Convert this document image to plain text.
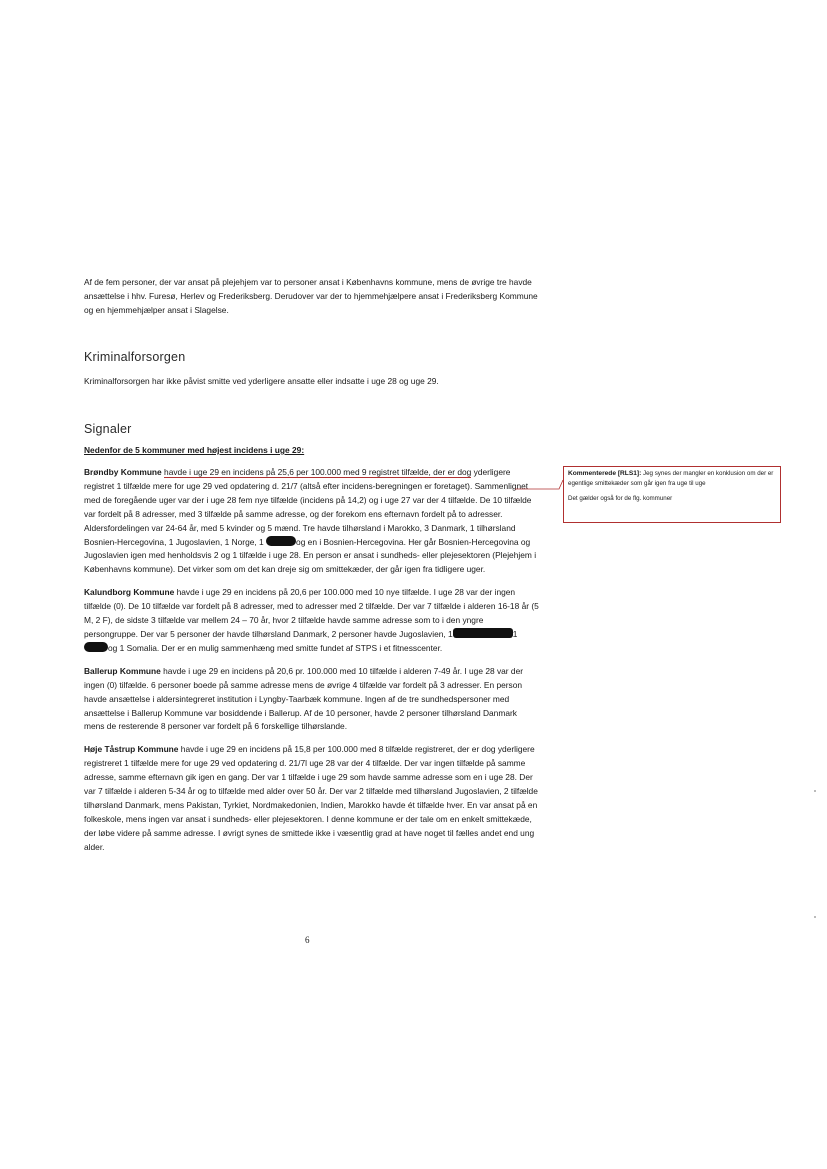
Af de fem personer, der var ansat på plejehjem var to personer ansat i Københavns kommune, mens de øvrige tre havde ansættelse i hhv. Furesø, Herlev og Frederiksberg. Derudover var der to hjemmehjælpere ansat i Frederiksberg Kommune og en hjemmehjælper ansat i Slagelse.

Kriminalforsorgen

Kriminalforsorgen har ikke påvist smitte ved yderligere ansatte eller indsatte i uge 28 og uge 29.

Signaler

Nedenfor de 5 kommuner med højest incidens i uge 29:

Brøndby Kommune havde i uge 29 en incidens på 25,6 per 100.000 med 9 registret tilfælde, der er dog yderligere registret 1 tilfælde mere for uge 29 ved opdatering d. 21/7 (altså efter incidens-beregningen er foretaget). Sammenlignet med de foregående uger var der i uge 28 fem nye tilfælde (incidens på 14,2) og i uge 27 var der 4 tilfælde. De 10 tilfælde var fordelt på 8 adresser, med 3 tilfælde på samme adresse, og der forekom ens efternavn fordelt på to adresser. Aldersfordelingen var 24-64 år, med 5 kvinder og 5 mænd. Tre havde tilhørsland i Marokko, 3 Danmark, 1 tilhørsland Bosnien-Hercegovina, 1 Jugoslavien, 1 Norge, 1	og en i Bosnien-Hercegovina. Her går Bosnien-Hercegovina og Jugoslavien igen med henholdsvis 2 og 1 tilfælde i uge 28. En person er ansat i sundheds- eller plejesektoren (Plejehjem i Københavns kommune). Det virker som om det kan dreje sig om smittekæder, der går igen fra tidligere uger.

Kalundborg Kommune havde i uge 29 en incidens på 20,6 per 100.000 med 10 nye tilfælde. I uge 28 var der ingen tilfælde (0). De 10 tilfælde var fordelt på 8 adresser, med to adresser med 2 tilfælde. Der var 7 tilfælde i alderen 16-18 år (5 M, 2 F), de sidste 3 tilfælde var mellem 24 – 70 år, hvor 2 tilfælde havde samme adresse som to i den yngre persongruppe. Der var 5 personer der havde tilhørsland Danmark, 2 personer havde Jugoslavien, 1	1 og 1 Somalia. Der er en mulig sammenhæng med smitte fundet af STPS i et fitnesscenter.

Ballerup Kommune havde i uge 29 en incidens på 20,6 pr. 100.000 med 10 tilfælde i alderen 7-49 år. I uge 28 var der ingen (0) tilfælde. 6 personer boede på samme adresse mens de øvrige 4 tilfælde var fordelt på 3 adresser. En person havde ansættelse i aldersintegreret institution i Lyngby-Taarbæk kommune. Ingen af de tre sundhedspersoner med ansættelse i Ballerup Kommune var bosiddende i Ballerup. Af de 10 personer, havde 2 personer tilhørsland Danmark mens de resterende 8 personer var fordelt på 6 forskellige tilhørslande.

Høje Tåstrup Kommune havde i uge 29 en incidens på 15,8 per 100.000 med 8 tilfælde registreret, der er dog yderligere registreret 1 tilfælde mere for uge 29 ved opdatering d. 21/7l uge 28 var der 4 tilfælde. Der var ingen tilfælde på samme adresse, samme efternavn gik igen en gang. Der var 1 tilfælde i uge 29 som havde samme adresse som en i uge 28. Der var 7 tilfælde i alderen 5-34 år og to tilfælde med alder over 50 år. Der var 2 tilfælde med tilhørsland Jugoslavien, 2 tilfælde tilhørsland Danmark, mens Pakistan, Tyrkiet, Nordmakedonien, Indien, Marokko havde ét tilfælde hver. En var ansat på en folkeskole, mens ingen var ansat i sundheds- eller plejesektoren. I denne kommune er der tale om en enkelt smittekæde, der løbe videre på samme adresse. I øvrigt synes de smittede ikke i væsentlig grad at have noget til fælles andet end ung alder.

Kommenterede [RLS1]: Jeg synes der mangler en konklusion om der er egentlige smittekæder som går igen fra uge til uge

Det gælder også for de flg. kommuner

6
